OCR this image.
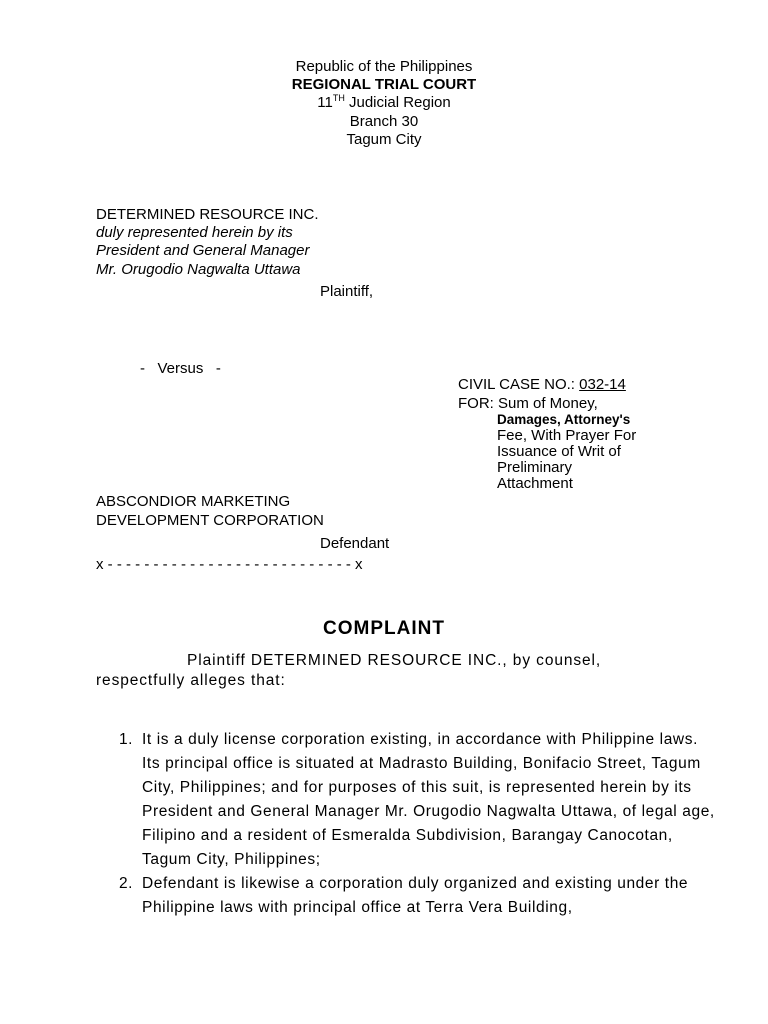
Republic of the Philippines
REGIONAL TRIAL COURT
11TH Judicial Region
Branch 30
Tagum City
DETERMINED RESOURCE INC.
duly represented herein by its
President and General Manager
Mr. Orugodio Nagwalta Uttawa
Plaintiff,
-   Versus   -
CIVIL CASE NO.: 032-14
FOR: Sum of Money,
Damages, Attorney's
Fee, With Prayer For
Issuance of Writ of
Preliminary
Attachment
ABSCONDIOR MARKETING
DEVELOPMENT CORPORATION
Defendant
x - - - - - - - - - - - - - - - - - - - - - - - - - - - x
COMPLAINT
Plaintiff DETERMINED RESOURCE INC., by counsel,
respectfully alleges that:
1. It is a duly license corporation existing, in accordance with Philippine laws. Its principal office is situated at Madrasto Building, Bonifacio Street, Tagum City, Philippines; and for purposes of this suit, is represented herein by its President and General Manager Mr. Orugodio Nagwalta Uttawa, of legal age, Filipino and a resident of Esmeralda Subdivision, Barangay Canocotan, Tagum City, Philippines;
2. Defendant is likewise a corporation duly organized and existing under the Philippine laws with principal office at Terra Vera Building,
